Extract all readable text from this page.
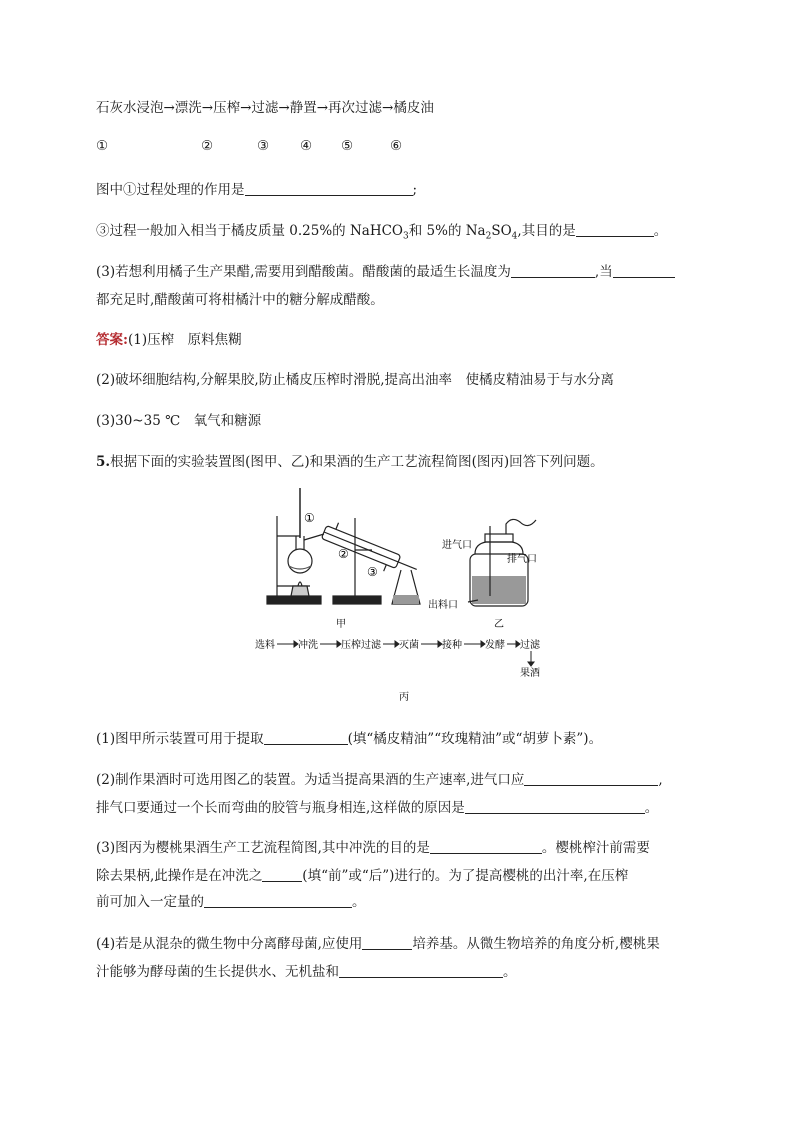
石灰水浸泡→漂洗→压榨→过滤→静置→再次过滤→橘皮油
①	②	③ ④ ⑤	⑥
图中①过程处理的作用是	;
③过程一般加入相当于橘皮质量 0.25%的 NaHCO$_3$和 5%的 $Na_2SO_4$,其目的是	。
(3)若想利用橘子生产果醋,需要用到醋酸菌。醋酸菌的最适生长温度为	,当
都充足时,醋酸菌可将柑橘汁中的糖分解成醋酸。
答案:(1)压榨　原料焦糊
(2)破坏细胞结构,分解果胶,防止橘皮压榨时滑脱,提高出油率　使橘皮精油易于与水分离
(3)30~35 ℃　氧气和糖源
5.根据下面的实验装置图(图甲、乙)和果酒的生产工艺流程简图(图丙)回答下列问题。
①
②
③
甲
进气口
排气口
出料口
乙
选料 冲洗 压榨过滤 灭菌 接种 发酵 过滤
果酒
丙
(1)图甲所示装置可用于提取	(填“橘皮精油”“玫瑰精油”或“胡萝卜素”)。
(2)制作果酒时可选用图乙的装置。为适当提高果酒的生产速率,进气口应	,
排气口要通过一个长而弯曲的胶管与瓶身相连,这样做的原因是	。
(3)图丙为樱桃果酒生产工艺流程简图,其中冲洗的目的是	。樱桃榨汁前需要
除去果柄,此操作是在冲洗之	(填“前”或“后”)进行的。为了提高樱桃的出汁率,在压榨
前可加入一定量的	。
(4)若是从混杂的微生物中分离酵母菌,应使用	培养基。从微生物培养的角度分析,樱桃果
汁能够为酵母菌的生长提供水、无机盐和	。
